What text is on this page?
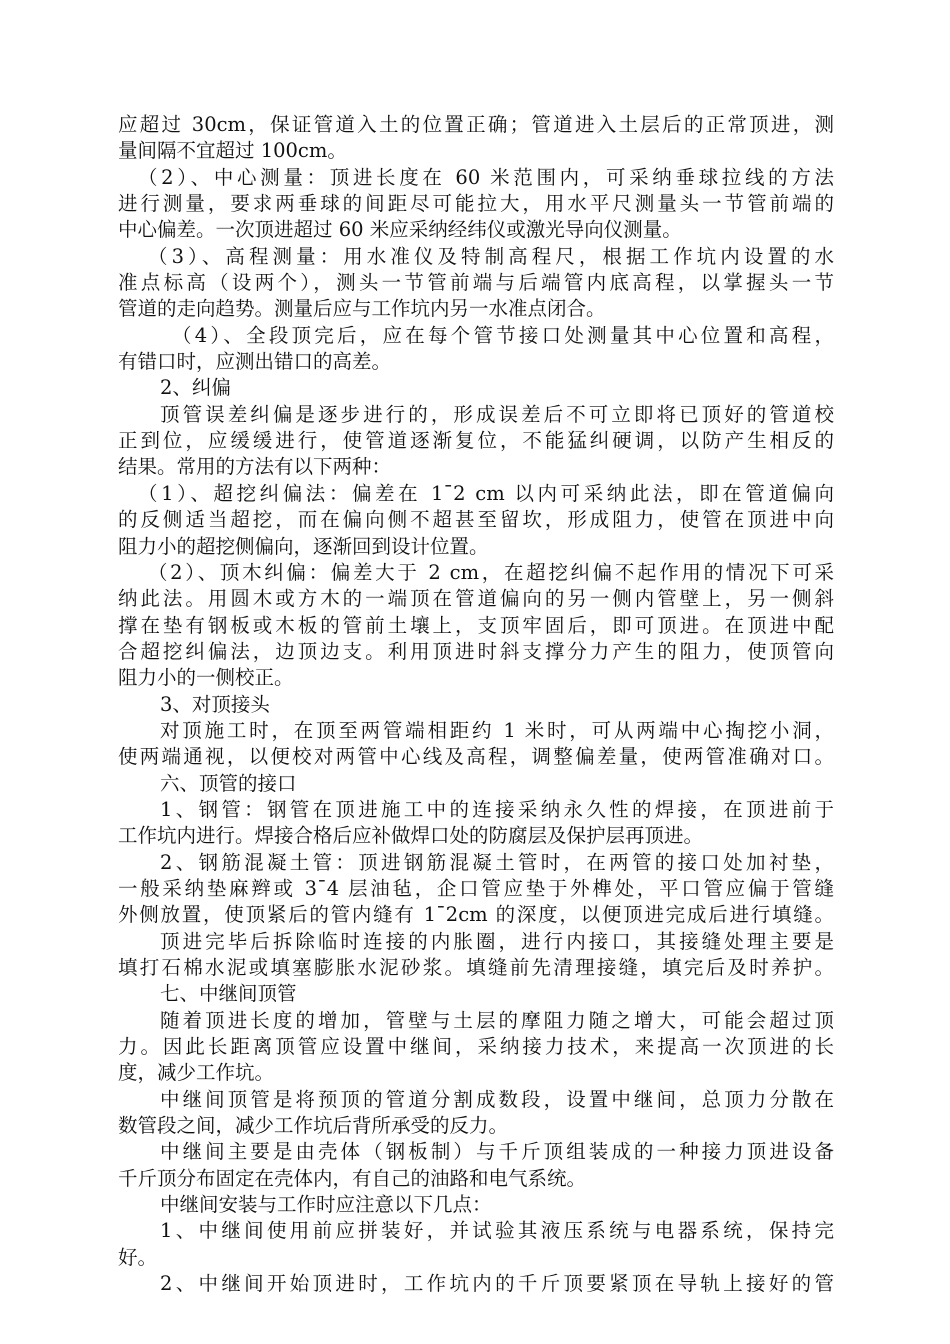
应超过 30cm，保证管道入土的位置正确；管道进入土层后的正常顶进，测
量间隔不宜超过 100cm。
（2）、中心测量：顶进长度在 60 米范围内，可采纳垂球拉线的方法
进行测量，要求两垂球的间距尽可能拉大，用水平尺测量头一节管前端的
中心偏差。一次顶进超过 60 米应采纳经纬仪或激光导向仪测量。
（3）、高程测量：用水准仪及特制高程尺，根据工作坑内设置的水
准点标高（设两个），测头一节管前端与后端管内底高程，以掌握头一节
管道的走向趋势。测量后应与工作坑内另一水准点闭合。
（4）、全段顶完后，应在每个管节接口处测量其中心位置和高程，
有错口时，应测出错口的高差。
2、纠偏
顶管误差纠偏是逐步进行的，形成误差后不可立即将已顶好的管道校
正到位，应缓缓进行，使管道逐渐复位，不能猛纠硬调，以防产生相反的
结果。常用的方法有以下两种：
（1）、超挖纠偏法：偏差在 1¯2 cm 以内可采纳此法，即在管道偏向
的反侧适当超挖，而在偏向侧不超甚至留坎，形成阻力，使管在顶进中向
阻力小的超挖侧偏向，逐渐回到设计位置。
（2）、顶木纠偏：偏差大于 2 cm，在超挖纠偏不起作用的情况下可采
纳此法。用圆木或方木的一端顶在管道偏向的另一侧内管壁上，另一侧斜
撑在垫有钢板或木板的管前土壤上，支顶牢固后，即可顶进。在顶进中配
合超挖纠偏法，边顶边支。利用顶进时斜支撑分力产生的阻力，使顶管向
阻力小的一侧校正。
3、对顶接头
对顶施工时，在顶至两管端相距约 1 米时，可从两端中心掏挖小洞，
使两端通视，以便校对两管中心线及高程，调整偏差量，使两管准确对口。
六、顶管的接口
1、钢管：钢管在顶进施工中的连接采纳永久性的焊接，在顶进前于
工作坑内进行。焊接合格后应补做焊口处的防腐层及保护层再顶进。
2、钢筋混凝土管：顶进钢筋混凝土管时，在两管的接口处加衬垫，
一般采纳垫麻辫或 3¯4 层油毡，企口管应垫于外榫处，平口管应偏于管缝
外侧放置，使顶紧后的管内缝有 1¯2cm 的深度，以便顶进完成后进行填缝。
顶进完毕后拆除临时连接的内胀圈，进行内接口，其接缝处理主要是
填打石棉水泥或填塞膨胀水泥砂浆。填缝前先清理接缝，填完后及时养护。
七、中继间顶管
随着顶进长度的增加，管壁与土层的摩阻力随之增大，可能会超过顶
力。因此长距离顶管应设置中继间，采纳接力技术，来提高一次顶进的长
度，减少工作坑。
中继间顶管是将预顶的管道分割成数段，设置中继间，总顶力分散在
数管段之间，减少工作坑后背所承受的反力。
中继间主要是由壳体（钢板制）与千斤顶组装成的一种接力顶进设备
千斤顶分布固定在壳体内，有自己的油路和电气系统。
中继间安装与工作时应注意以下几点：
1、中继间使用前应拼装好，并试验其液压系统与电器系统，保持完
好。
2、中继间开始顶进时，工作坑内的千斤顶要紧顶在导轨上接好的管
